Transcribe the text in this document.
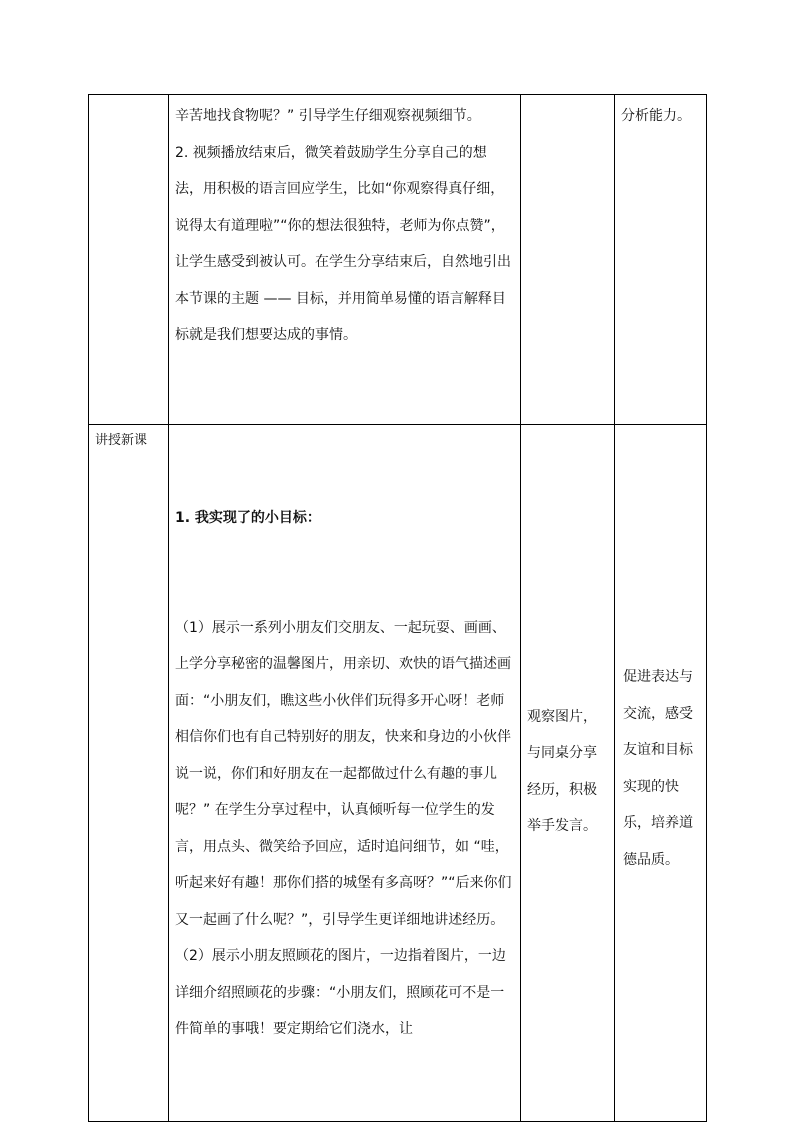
	辛苦地找食物呢？” 引导学生仔细观察视频细节。
2. 视频播放结束后，微笑着鼓励学生分享自己的想法，用积极的语言回应学生，比如“你观察得真仔细，说得太有道理啦”“你的想法很独特，老师为你点赞”，让学生感受到被认可。在学生分享结束后，自然地引出本节课的主题 —— 目标，并用简单易懂的语言解释目标就是我们想要达成的事情。		分析能力。

讲授新课	1. 我实现了的小目标：

（1）展示一系列小朋友们交朋友、一起玩耍、画画、上学分享秘密的温馨图片，用亲切、欢快的语气描述画面：“小朋友们，瞧这些小伙伴们玩得多开心呀！老师相信你们也有自己特别好的朋友，快来和身边的小伙伴说一说，你们和好朋友在一起都做过什么有趣的事儿呢？” 在学生分享过程中，认真倾听每一位学生的发言，用点头、微笑给予回应，适时追问细节，如 “哇，听起来好有趣！那你们搭的城堡有多高呀？”“后来你们又一起画了什么呢？”，引导学生更详细地讲述经历。
（2）展示小朋友照顾花的图片，一边指着图片，一边详细介绍照顾花的步骤：“小朋友们，照顾花可不是一件简单的事哦！要定期给它们浇水，让	观察图片，与同桌分享经历，积极举手发言。	促进表达与交流，感受友谊和目标实现的快乐，培养道德品质。
